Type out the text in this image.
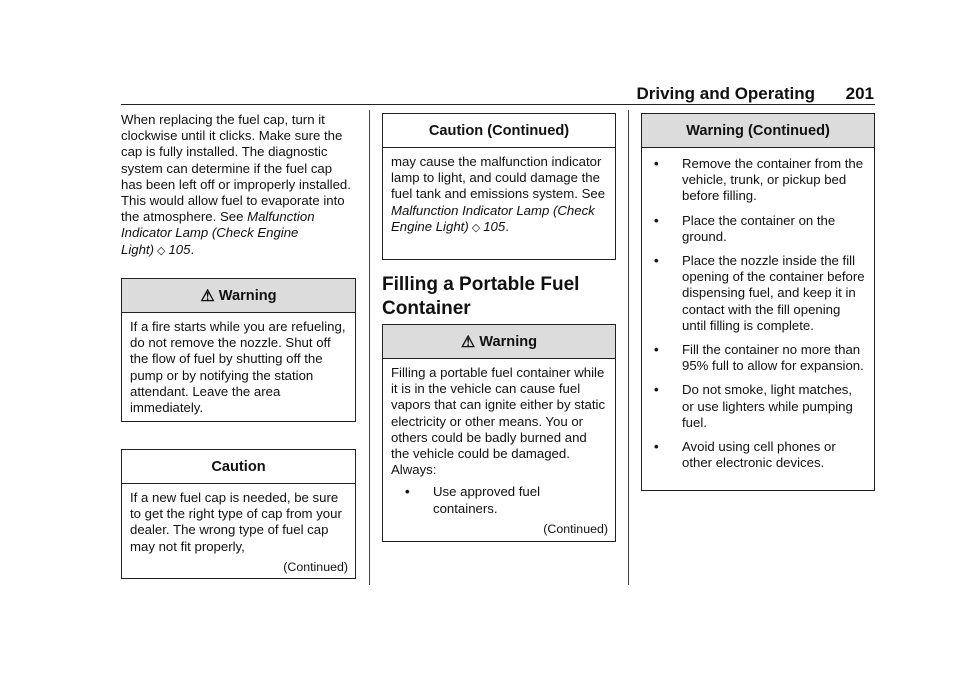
Driving and Operating 201

When replacing the fuel cap, turn it clockwise until it clicks. Make sure the cap is fully installed. The diagnostic system can determine if the fuel cap has been left off or improperly installed. This would allow fuel to evaporate into the atmosphere. See Malfunction Indicator Lamp (Check Engine Light) ◇ 105.

⚠ Warning

If a fire starts while you are refueling, do not remove the nozzle. Shut off the flow of fuel by shutting off the pump or by notifying the station attendant. Leave the area immediately.

Caution

If a new fuel cap is needed, be sure to get the right type of cap from your dealer. The wrong type of fuel cap may not fit properly,

(Continued)
Caution (Continued)

may cause the malfunction indicator lamp to light, and could damage the fuel tank and emissions system. See Malfunction Indicator Lamp (Check Engine Light) ◇ 105.

Filling a Portable Fuel Container
⚠ Warning

Filling a portable fuel container while it is in the vehicle can cause fuel vapors that can ignite either by static electricity or other means. You or others could be badly burned and the vehicle could be damaged. Always:

• Use approved fuel containers.
(Continued)
Warning (Continued)
• Remove the container from the vehicle, trunk, or pickup bed before filling.
• Place the container on the ground.
• Place the nozzle inside the fill opening of the container before dispensing fuel, and keep it in contact with the fill opening until filling is complete.
• Fill the container no more than 95% full to allow for expansion.
• Do not smoke, light matches, or use lighters while pumping fuel.
• Avoid using cell phones or other electronic devices.
